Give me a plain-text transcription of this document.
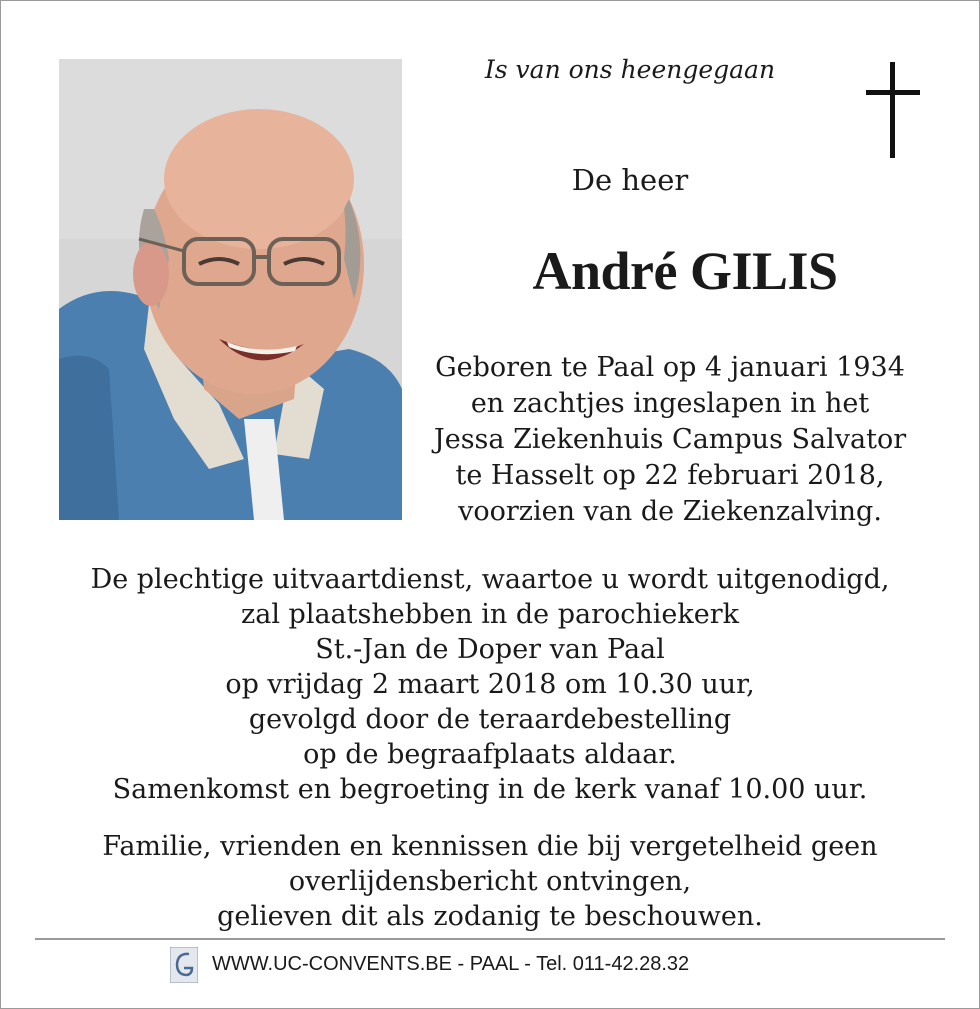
Is van ons heengegaan
De heer
André GILIS
Geboren te Paal op 4 januari 1934
en zachtjes ingeslapen in het
Jessa Ziekenhuis Campus Salvator
te Hasselt op 22 februari 2018,
voorzien van de Ziekenzalving.
De plechtige uitvaartdienst, waartoe u wordt uitgenodigd,
zal plaatshebben in de parochiekerk
St.-Jan de Doper van Paal
op vrijdag 2 maart 2018 om 10.30 uur,
gevolgd door de teraardebestelling
op de begraafplaats aldaar.
Samenkomst en begroeting in de kerk vanaf 10.00 uur.
Familie, vrienden en kennissen die bij vergetelheid geen
overlijdensbericht ontvingen,
gelieven dit als zodanig te beschouwen.
WWW.UC-CONVENTS.BE - PAAL - Tel. 011-42.28.32
